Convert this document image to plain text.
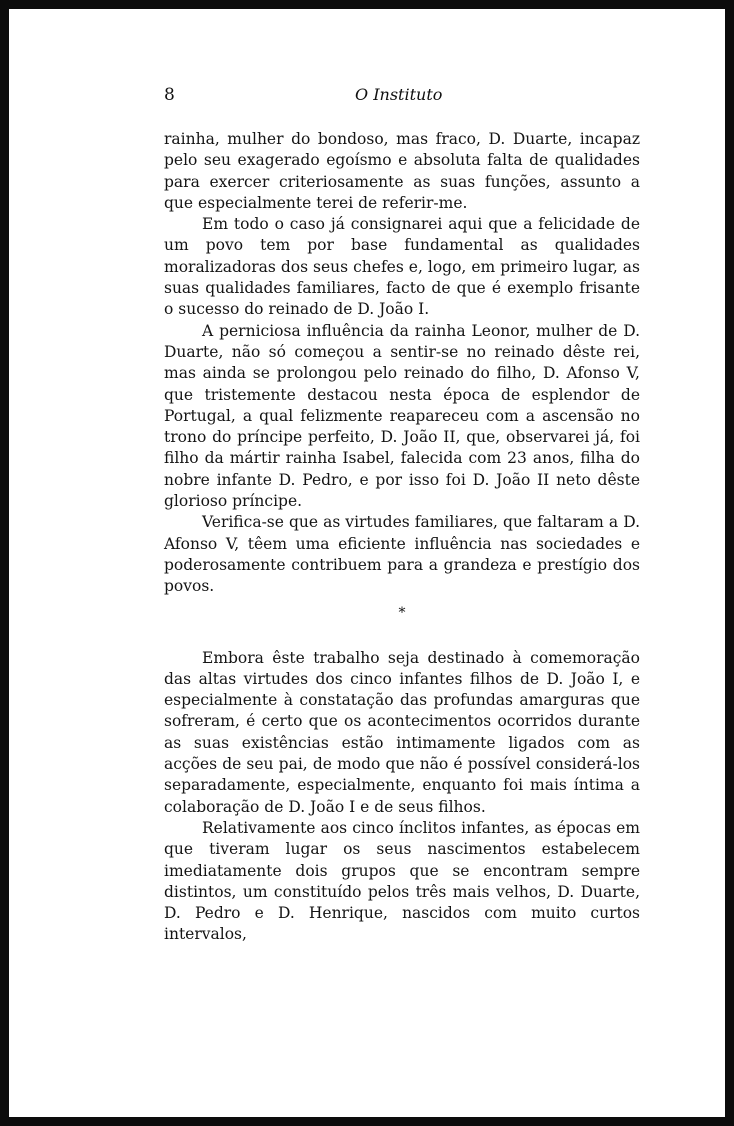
8	O Instituto

rainha, mulher do bondoso, mas fraco, D. Duarte, incapaz pelo seu exagerado egoísmo e absoluta falta de qualidades para exercer criteriosamente as suas funções, assunto a que especialmente terei de referir-me.

Em todo o caso já consignarei aqui que a felicidade de um povo tem por base fundamental as qualidades moralizadoras dos seus chefes e, logo, em primeiro lugar, as suas qualidades familiares, facto de que é exemplo frisante o sucesso do reinado de D. João I.

A perniciosa influência da rainha Leonor, mulher de D. Duarte, não só começou a sentir-se no reinado dêste rei, mas ainda se prolongou pelo reinado do filho, D. Afonso V, que tristemente destacou nesta época de esplendor de Portugal, a qual felizmente reapareceu com a ascensão no trono do príncipe perfeito, D. João II, que, observarei já, foi filho da mártir rainha Isabel, falecida com 23 anos, filha do nobre infante D. Pedro, e por isso foi D. João II neto dêste glorioso príncipe.

Verifica-se que as virtudes familiares, que faltaram a D. Afonso V, têem uma eficiente influência nas sociedades e poderosamente contribuem para a grandeza e prestígio dos povos.

*

Embora êste trabalho seja destinado à comemoração das altas virtudes dos cinco infantes filhos de D. João I, e especialmente à constatação das profundas amarguras que sofreram, é certo que os acontecimentos ocorridos durante as suas existências estão intimamente ligados com as acções de seu pai, de modo que não é possível considerá-los separadamente, especialmente, enquanto foi mais íntima a colaboração de D. João I e de seus filhos.

Relativamente aos cinco ínclitos infantes, as épocas em que tiveram lugar os seus nascimentos estabelecem imediatamente dois grupos que se encontram sempre distintos, um constituído pelos três mais velhos, D. Duarte, D. Pedro e D. Henrique, nascidos com muito curtos intervalos,
